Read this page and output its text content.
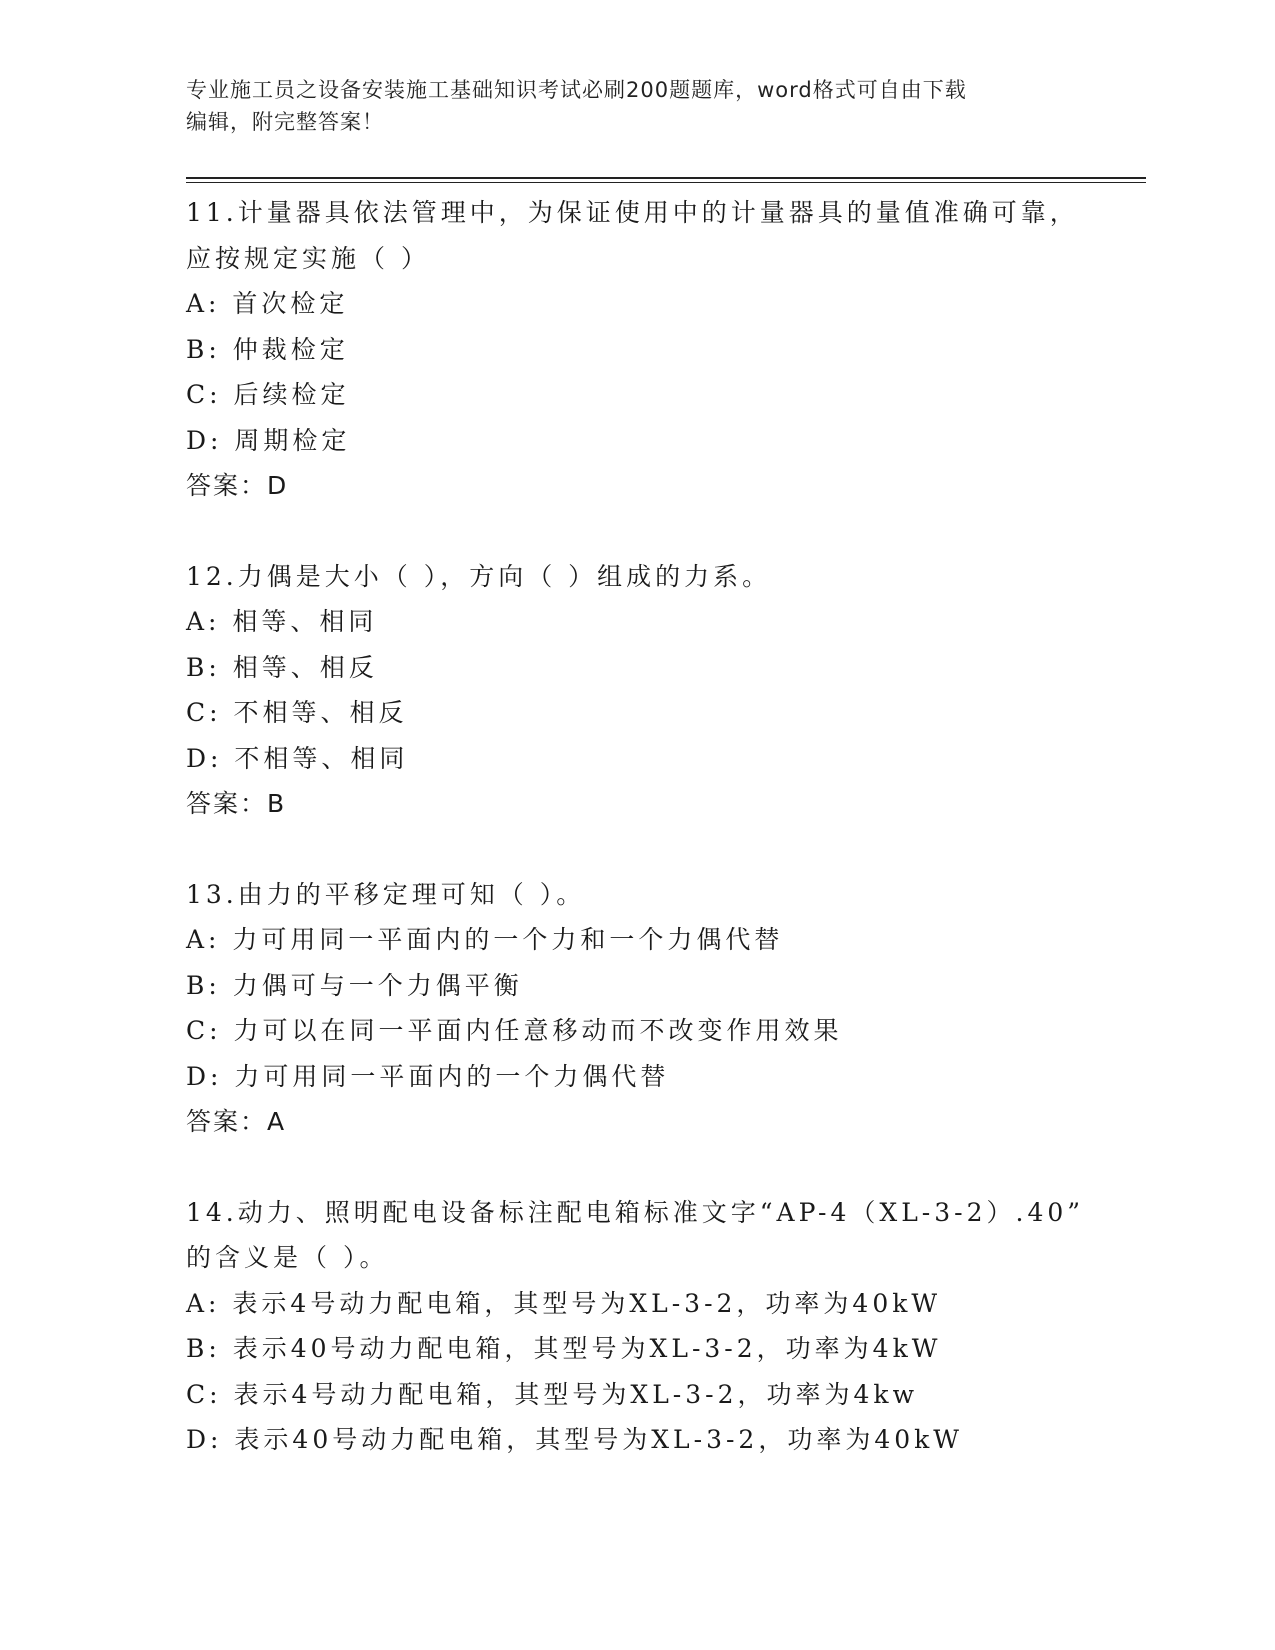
专业施工员之设备安装施工基础知识考试必刷200题题库，word格式可自由下载
编辑，附完整答案！
11.计量器具依法管理中，为保证使用中的计量器具的量值准确可靠，
应按规定实施（ ）
A: 首次检定
B: 仲裁检定
C: 后续检定
D: 周期检定
答案：D
12.力偶是大小（ ），方向（ ）组成的力系。
A: 相等、相同
B: 相等、相反
C: 不相等、相反
D: 不相等、相同
答案：B
13.由力的平移定理可知（ ）。
A: 力可用同一平面内的一个力和一个力偶代替
B: 力偶可与一个力偶平衡
C: 力可以在同一平面内任意移动而不改变作用效果
D: 力可用同一平面内的一个力偶代替
答案：A
14.动力、照明配电设备标注配电箱标准文字“AP-4（XL-3-2）.40”
的含义是（ ）。
A: 表示4号动力配电箱，其型号为XL-3-2，功率为40kW
B: 表示40号动力配电箱，其型号为XL-3-2，功率为4kW
C: 表示4号动力配电箱，其型号为XL-3-2，功率为4kw
D: 表示40号动力配电箱，其型号为XL-3-2，功率为40kW
